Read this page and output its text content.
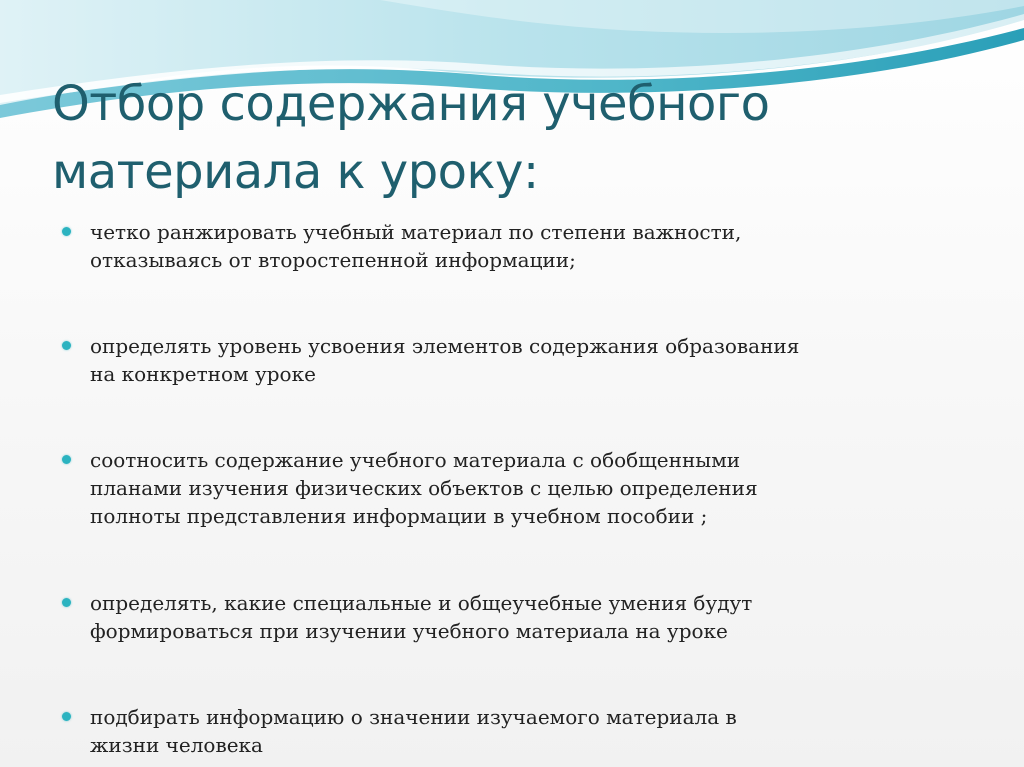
Отбор содержания учебного
материала к уроку:
четко ранжировать учебный материал по степени важности,
отказываясь от второстепенной информации;
определять уровень усвоения элементов содержания образования
на конкретном уроке
соотносить содержание учебного материала с обобщенными
планами изучения физических объектов с целью определения
полноты представления информации в учебном пособии ;
определять, какие специальные и общеучебные умения будут
формироваться при изучении учебного материала на уроке
подбирать информацию о значении изучаемого материала в
жизни человека
